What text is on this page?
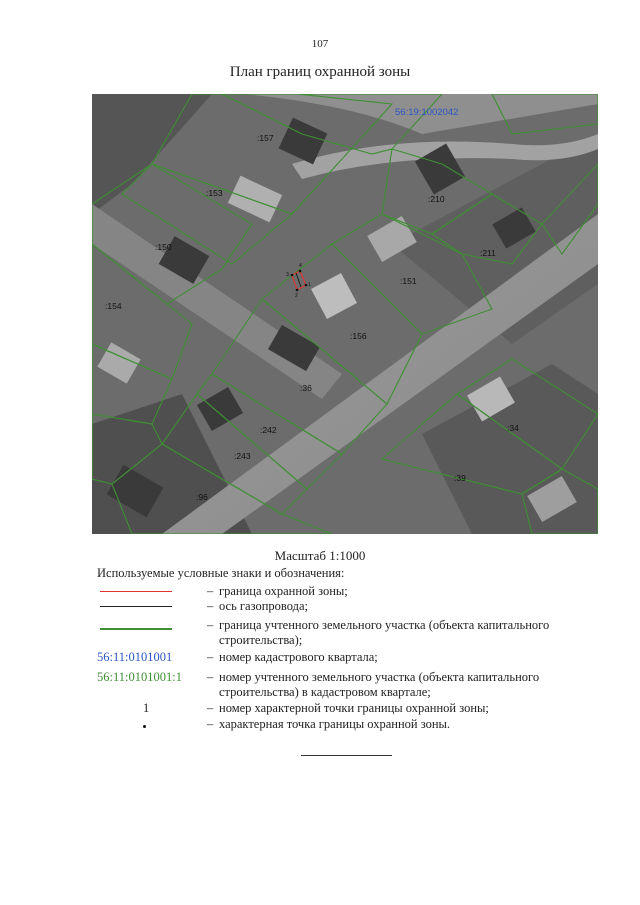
107
План границ охранной зоны
4
1
3
2
56:19:1002042
:157
:153
:150
:154
:210
:211
:151
:156
:36
:242
:243
:96
:34
:39
Масштаб 1:1000
Используемые условные знаки и обозначения:
– граница охранной зоны;
– ось газопровода;
– граница учтенного земельного участка (объекта капитального строительства);
56:11:0101001	– номер кадастрового квартала;
56:11:0101001:1 – номер учтенного земельного участка (объекта капитального строительства) в кадастровом квартале;
1	– номер характерной точки границы охранной зоны;
– характерная точка границы охранной зоны.
